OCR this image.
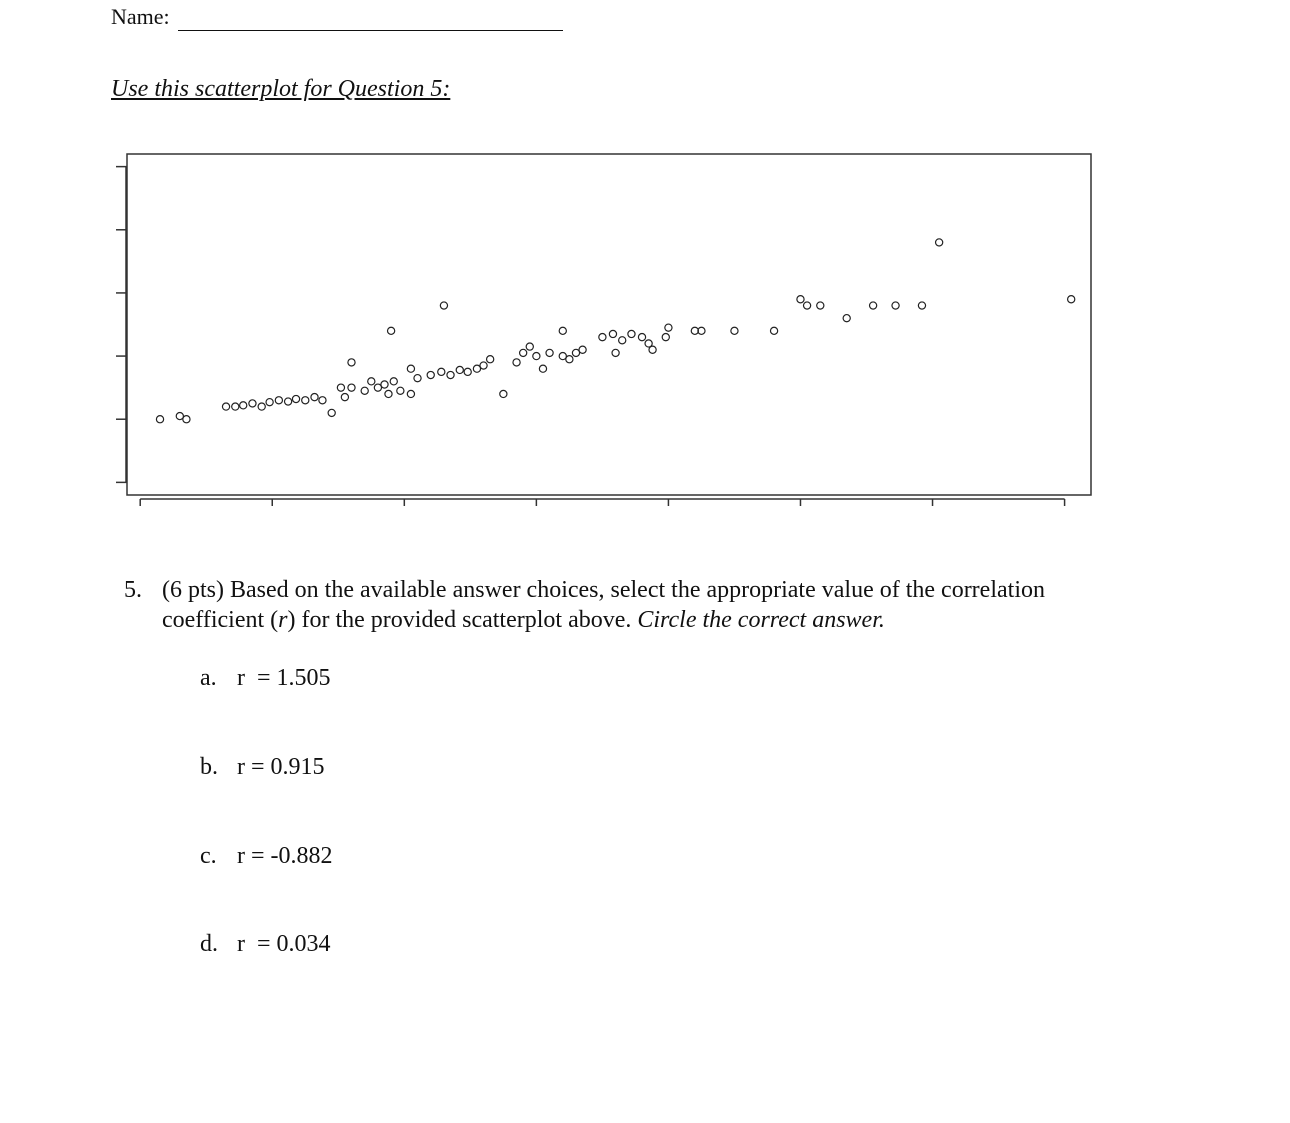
Name:
Use this scatterplot for Question 5:
5. (6 pts) Based on the available answer choices, select the appropriate value of the correlation coefficient (r) for the provided scatterplot above. Circle the correct answer.
a. r  = 1.505
b. r = 0.915
c. r = -0.882
d. r  = 0.034
